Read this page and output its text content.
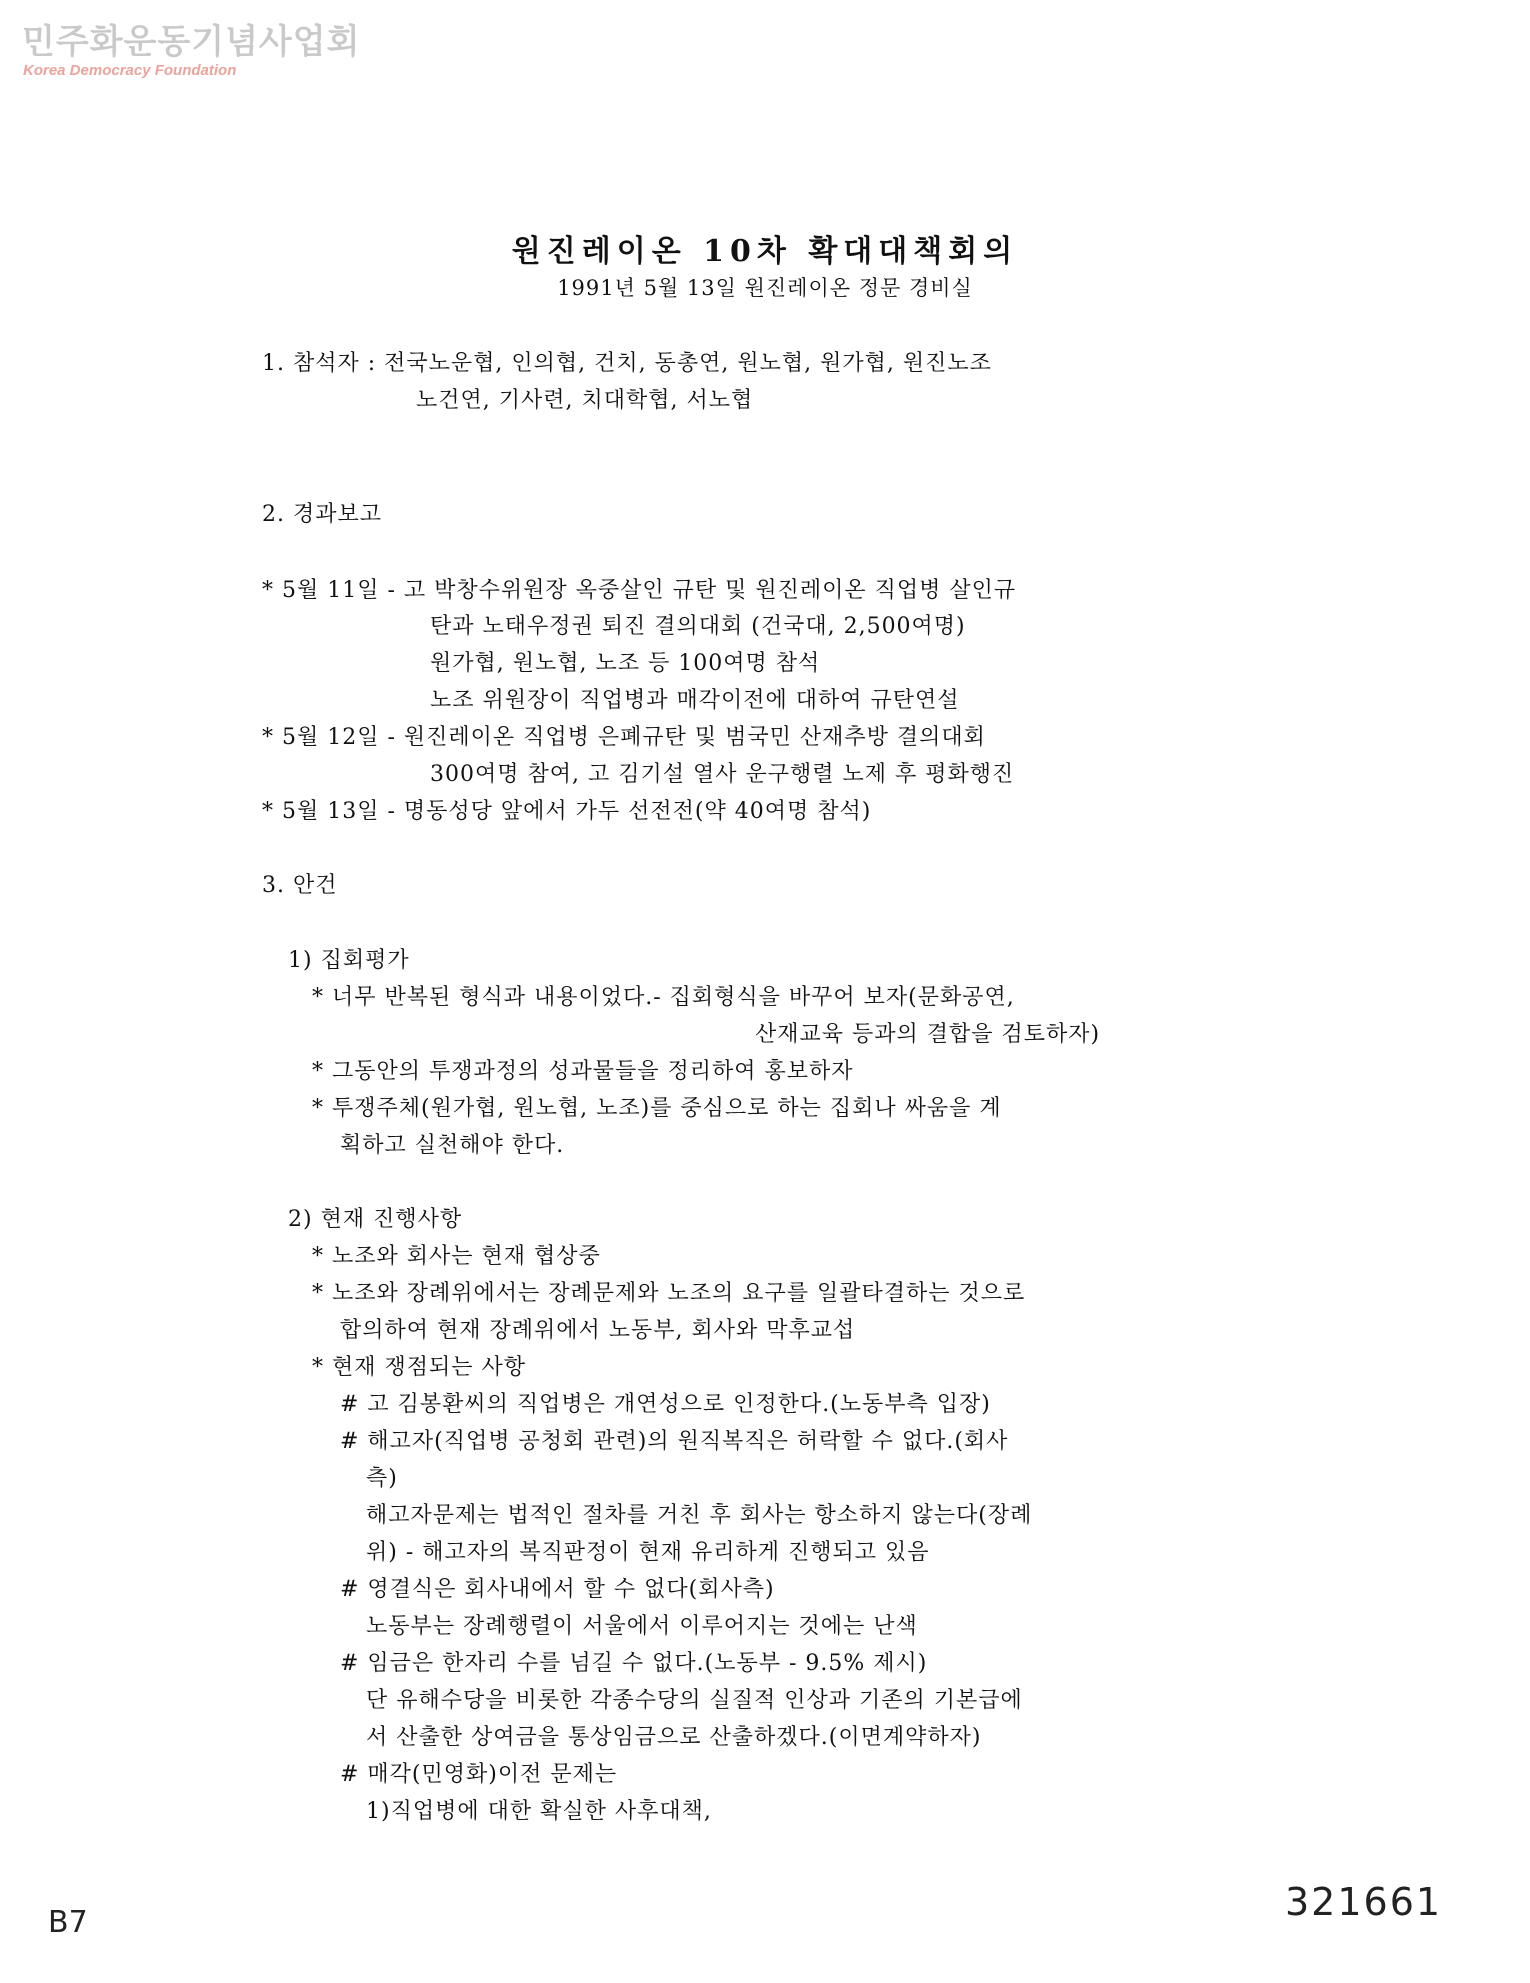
민주화운동기념사업회
Korea Democracy Foundation
원진레이온 10차 확대대책회의
1991년 5월 13일 원진레이온 정문 경비실
1. 참석자 : 전국노운협, 인의협, 건치, 동총연, 원노협, 원가협, 원진노조
노건연, 기사련, 치대학협, 서노협
2. 경과보고
* 5월 11일 - 고 박창수위원장 옥중살인 규탄 및 원진레이온 직업병 살인규
탄과 노태우정권 퇴진 결의대회 (건국대, 2,500여명)
원가협, 원노협, 노조 등 100여명 참석
노조 위원장이 직업병과 매각이전에 대하여 규탄연설
* 5월 12일 - 원진레이온 직업병 은폐규탄 및 범국민 산재추방 결의대회
300여명 참여, 고 김기설 열사 운구행렬 노제 후 평화행진
* 5월 13일 - 명동성당 앞에서 가두 선전전(약 40여명 참석)
3. 안건
1) 집회평가
* 너무 반복된 형식과 내용이었다.- 집회형식을 바꾸어 보자(문화공연,
산재교육 등과의 결합을 검토하자)
* 그동안의 투쟁과정의 성과물들을 정리하여 홍보하자
* 투쟁주체(원가협, 원노협, 노조)를 중심으로 하는 집회나 싸움을 계
획하고 실천해야 한다.
2) 현재 진행사항
* 노조와 회사는 현재 협상중
* 노조와 장례위에서는 장례문제와 노조의 요구를 일괄타결하는 것으로
합의하여 현재 장례위에서 노동부, 회사와 막후교섭
* 현재 쟁점되는 사항
# 고 김봉환씨의 직업병은 개연성으로 인정한다.(노동부측 입장)
# 해고자(직업병 공청회 관련)의 원직복직은 허락할 수 없다.(회사
측)
해고자문제는 법적인 절차를 거친 후 회사는 항소하지 않는다(장례
위) - 해고자의 복직판정이 현재 유리하게 진행되고 있음
# 영결식은 회사내에서 할 수 없다(회사측)
노동부는 장례행렬이 서울에서 이루어지는 것에는 난색
# 임금은 한자리 수를 넘길 수 없다.(노동부 - 9.5% 제시)
단 유해수당을 비롯한 각종수당의 실질적 인상과 기존의 기본급에
서 산출한 상여금을 통상임금으로 산출하겠다.(이면계약하자)
# 매각(민영화)이전 문제는
1)직업병에 대한 확실한 사후대책,
321661
B7
